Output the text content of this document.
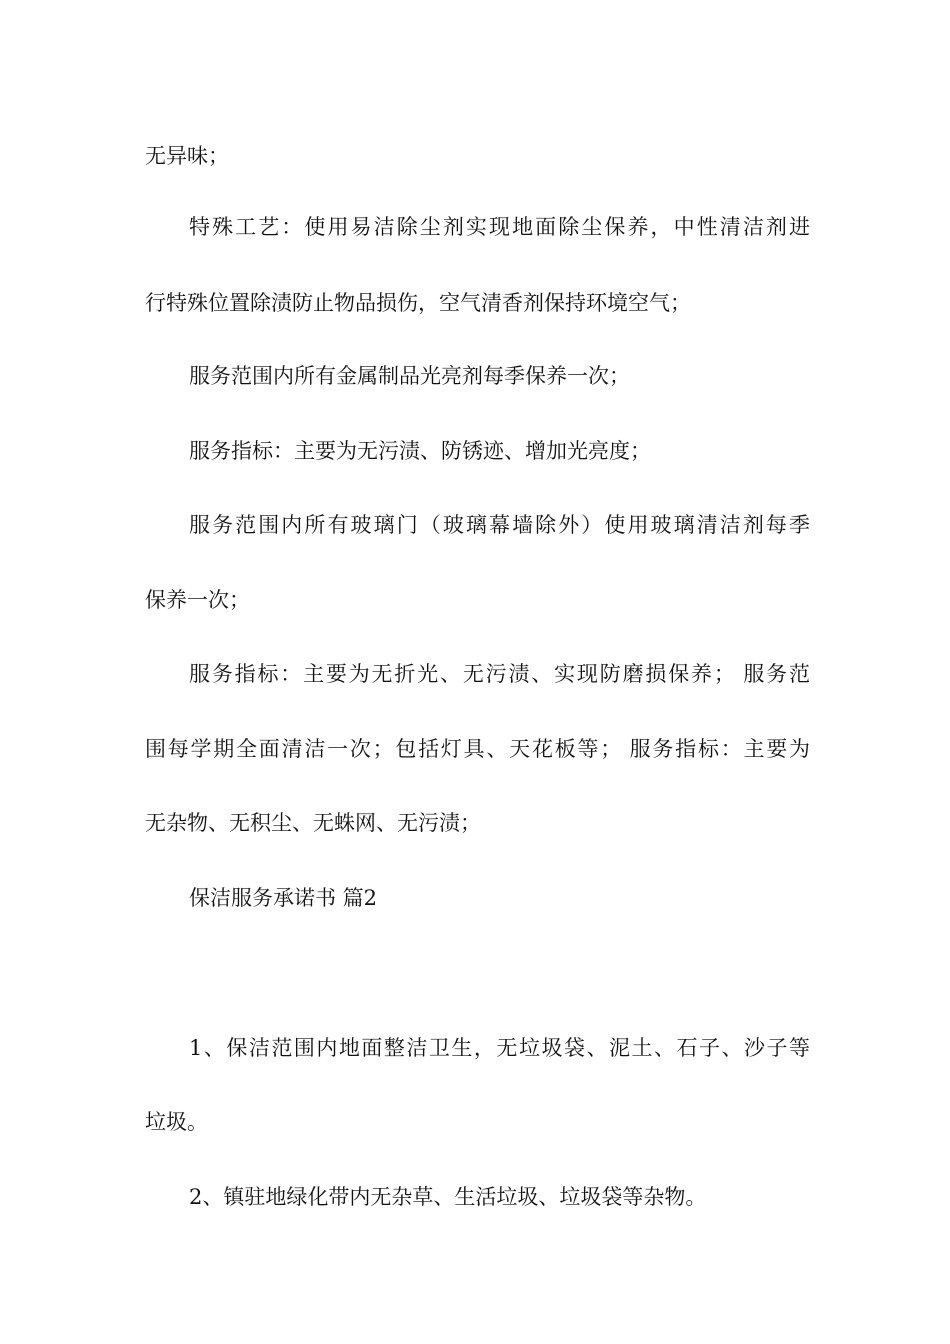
无异味；
特殊工艺：使用易洁除尘剂实现地面除尘保养，中性清洁剂进
行特殊位置除渍防止物品损伤，空气清香剂保持环境空气；
服务范围内所有金属制品光亮剂每季保养一次；
服务指标：主要为无污渍、防锈迹、增加光亮度；
服务范围内所有玻璃门（玻璃幕墙除外）使用玻璃清洁剂每季
保养一次；
服务指标：主要为无折光、无污渍、实现防磨损保养； 服务范
围每学期全面清洁一次；包括灯具、天花板等； 服务指标：主要为
无杂物、无积尘、无蛛网、无污渍；
保洁服务承诺书 篇2
1、保洁范围内地面整洁卫生，无垃圾袋、泥土、石子、沙子等
垃圾。
2、镇驻地绿化带内无杂草、生活垃圾、垃圾袋等杂物。
